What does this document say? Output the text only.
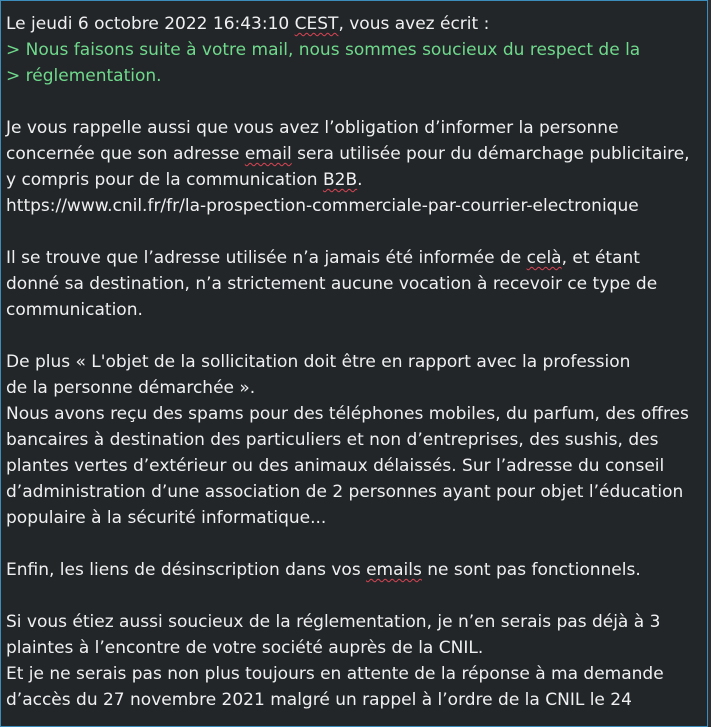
Le jeudi 6 octobre 2022 16:43:10 CEST, vous avez écrit :
> Nous faisons suite à votre mail, nous sommes soucieux du respect de la
> réglementation.
Je vous rappelle aussi que vous avez l’obligation d’informer la personne
concernée que son adresse email sera utilisée pour du démarchage publicitaire,
y compris pour de la communication B2B.
https://www.cnil.fr/fr/la-prospection-commerciale-par-courrier-electronique
Il se trouve que l’adresse utilisée n’a jamais été informée de celà, et étant
donné sa destination, n’a strictement aucune vocation à recevoir ce type de
communication.
De plus « L'objet de la sollicitation doit être en rapport avec la profession
de la personne démarchée ».
Nous avons reçu des spams pour des téléphones mobiles, du parfum, des offres
bancaires à destination des particuliers et non d’entreprises, des sushis, des
plantes vertes d’extérieur ou des animaux délaissés. Sur l’adresse du conseil
d’administration d’une association de 2 personnes ayant pour objet l’éducation
populaire à la sécurité informatique...
Enfin, les liens de désinscription dans vos emails ne sont pas fonctionnels.
Si vous étiez aussi soucieux de la réglementation, je n’en serais pas déjà à 3
plaintes à l’encontre de votre société auprès de la CNIL.
Et je ne serais pas non plus toujours en attente de la réponse à ma demande
d’accès du 27 novembre 2021 malgré un rappel à l’ordre de la CNIL le 24
